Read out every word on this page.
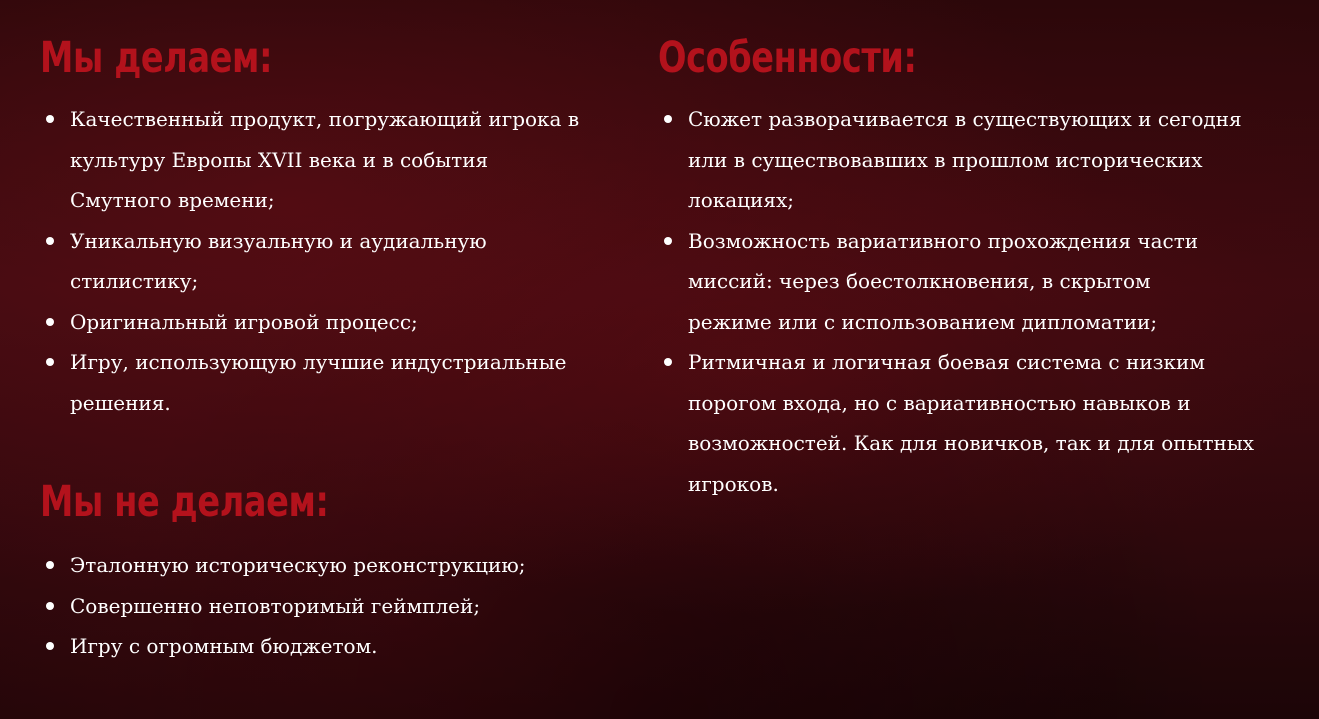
Мы делаем:
Качественный продукт, погружающий игрока в культуру Европы XVII века и в события Смутного времени;
Уникальную визуальную и аудиальную стилистику;
Оригинальный игровой процесс;
Игру, использующую лучшие индустриальные решения.
Мы не делаем:
Эталонную историческую реконструкцию;
Совершенно неповторимый геймплей;
Игру с огромным бюджетом.
Особенности:
Сюжет разворачивается в существующих и сегодня или в существовавших в прошлом исторических локациях;
Возможность вариативного прохождения части миссий: через боестолкновения, в скрытом режиме или с использованием дипломатии;
Ритмичная и логичная боевая система с низким порогом входа, но с вариативностью навыков и возможностей. Как для новичков, так и для опытных игроков.
